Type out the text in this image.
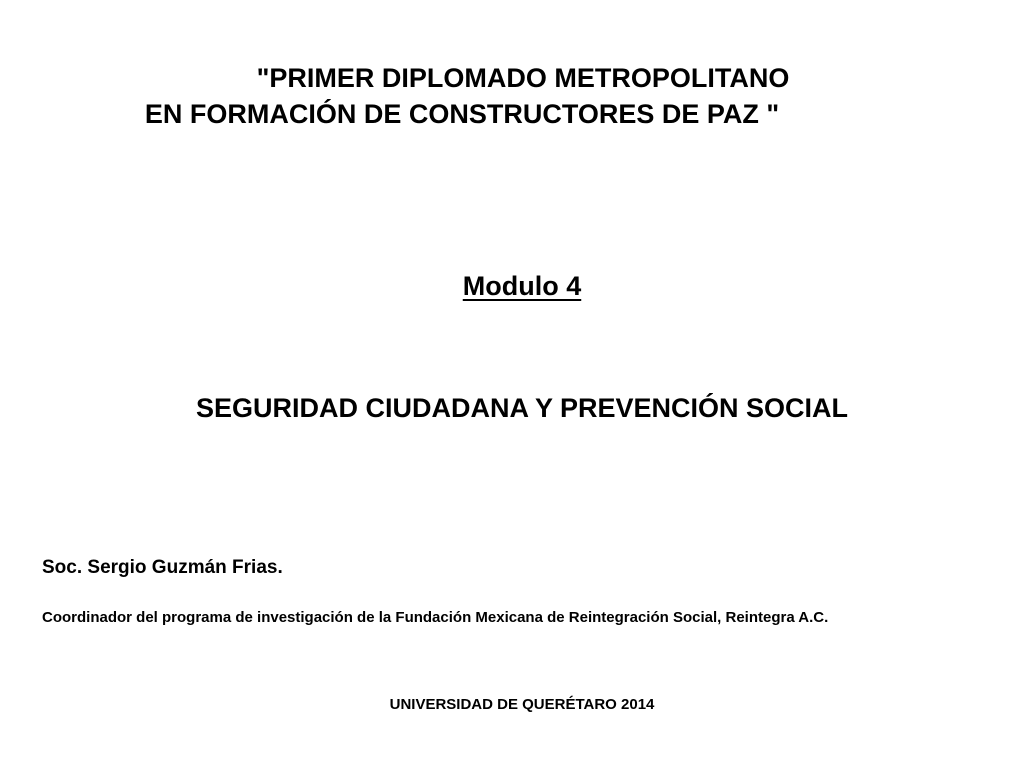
"PRIMER DIPLOMADO METROPOLITANO
EN FORMACIÓN DE CONSTRUCTORES DE PAZ "
Modulo 4
SEGURIDAD CIUDADANA Y PREVENCIÓN SOCIAL
Soc. Sergio Guzmán Frias.
Coordinador del programa de investigación de la Fundación Mexicana de Reintegración Social, Reintegra A.C.
UNIVERSIDAD DE QUERÉTARO 2014
